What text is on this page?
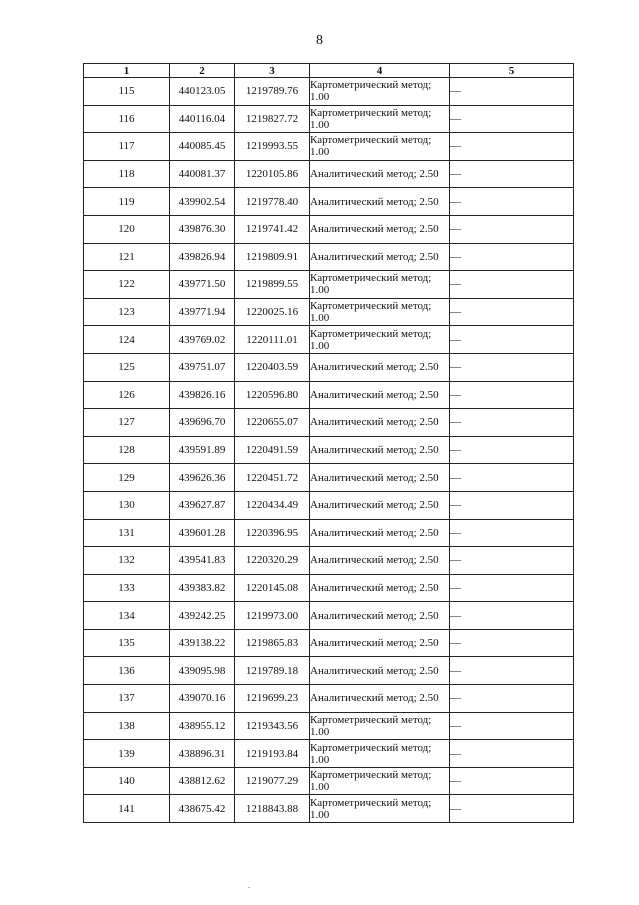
8
1	2	3	4	5
115	440123.05	1219789.76	Картометрический метод; 1.00	—
116	440116.04	1219827.72	Картометрический метод; 1.00	—
117	440085.45	1219993.55	Картометрический метод; 1.00	—
118	440081.37	1220105.86	Аналитический метод; 2.50	—
119	439902.54	1219778.40	Аналитический метод; 2.50	—
120	439876.30	1219741.42	Аналитический метод; 2.50	—
121	439826.94	1219809.91	Аналитический метод; 2.50	—
122	439771.50	1219899.55	Картометрический метод; 1.00	—
123	439771.94	1220025.16	Картометрический метод; 1.00	—
124	439769.02	1220111.01	Картометрический метод; 1.00	—
125	439751.07	1220403.59	Аналитический метод; 2.50	—
126	439826.16	1220596.80	Аналитический метод; 2.50	—
127	439696.70	1220655.07	Аналитический метод; 2.50	—
128	439591.89	1220491.59	Аналитический метод; 2.50	—
129	439626.36	1220451.72	Аналитический метод; 2.50	—
130	439627.87	1220434.49	Аналитический метод; 2.50	—
131	439601.28	1220396.95	Аналитический метод; 2.50	—
132	439541.83	1220320.29	Аналитический метод; 2.50	—
133	439383.82	1220145.08	Аналитический метод; 2.50	—
134	439242.25	1219973.00	Аналитический метод; 2.50	—
135	439138.22	1219865.83	Аналитический метод; 2.50	—
136	439095.98	1219789.18	Аналитический метод; 2.50	—
137	439070.16	1219699.23	Аналитический метод; 2.50	—
138	438955.12	1219343.56	Картометрический метод; 1.00	—
139	438896.31	1219193.84	Картометрический метод; 1.00	—
140	438812.62	1219077.29	Картометрический метод; 1.00	—
141	438675.42	1218843.88	Картометрический метод; 1.00	—
